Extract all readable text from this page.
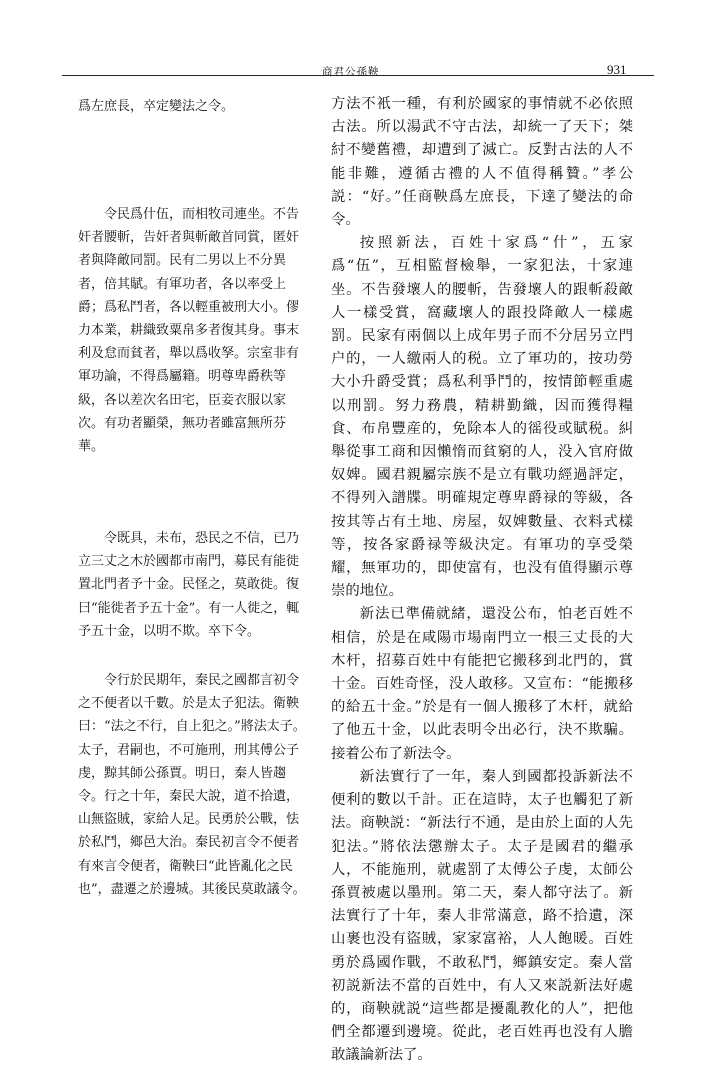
商君公孫鞅	931

爲左庶長，卒定變法之令。

令民爲什伍，而相牧司連坐。不告奸者腰斬，告奸者與斬敵首同賞，匿奸者與降敵同罰。民有二男以上不分異者，倍其賦。有軍功者，各以率受上爵；爲私鬥者，各以輕重被刑大小。僇力本業，耕織致粟帛多者復其身。事末利及怠而貧者，舉以爲收孥。宗室非有軍功論，不得爲屬籍。明尊卑爵秩等級，各以差次名田宅，臣妾衣服以家次。有功者顯榮，無功者雖富無所芬華。

令既具，未布，恐民之不信，已乃立三丈之木於國都市南門，募民有能徙置北門者予十金。民怪之，莫敢徙。復曰“能徙者予五十金”。有一人徙之，輒予五十金，以明不欺。卒下令。

令行於民期年，秦民之國都言初令之不便者以千數。於是太子犯法。衛鞅曰：“法之不行，自上犯之。”將法太子。太子，君嗣也，不可施刑，刑其傅公子虔，黥其師公孫賈。明日，秦人皆趨令。行之十年，秦民大說，道不拾遺，山無盜賊，家給人足。民勇於公戰，怯於私鬥，鄉邑大治。秦民初言令不便者有來言令便者，衛鞅曰“此皆亂化之民也”，盡遷之於邊城。其後民莫敢議令。

方法不衹一種，有利於國家的事情就不必依照古法。所以湯武不守古法，却統一了天下；桀紂不變舊禮，却遭到了滅亡。反對古法的人不能非難，遵循古禮的人不值得稱贊。”孝公説：“好。”任商鞅爲左庶長，下達了變法的命令。

按照新法，百姓十家爲“什”，五家爲“伍”，互相監督檢舉，一家犯法，十家連坐。不告發壞人的腰斬，告發壞人的跟斬殺敵人一樣受賞，窩藏壞人的跟投降敵人一樣處罰。民家有兩個以上成年男子而不分居另立門户的，一人繳兩人的税。立了軍功的，按功勞大小升爵受賞；爲私利爭鬥的，按情節輕重處以刑罰。努力務農，精耕勤織，因而獲得糧食、布帛豐産的，免除本人的徭役或賦税。糾舉從事工商和因懶惰而貧窮的人，没入官府做奴婢。國君親屬宗族不是立有戰功經過評定，不得列入譜牒。明確規定尊卑爵禄的等級，各按其等占有土地、房屋，奴婢數量、衣料式樣等，按各家爵禄等級決定。有軍功的享受榮耀，無軍功的，即使富有，也没有值得顯示尊崇的地位。

新法已準備就緒，還没公布，怕老百姓不相信，於是在咸陽市場南門立一根三丈長的大木杆，招募百姓中有能把它搬移到北門的，賞十金。百姓奇怪，没人敢移。又宣布：“能搬移的給五十金。”於是有一個人搬移了木杆，就給了他五十金，以此表明令出必行，決不欺騙。接着公布了新法令。

新法實行了一年，秦人到國都投訴新法不便利的數以千計。正在這時，太子也觸犯了新法。商鞅説：“新法行不通，是由於上面的人先犯法。”將依法懲辦太子。太子是國君的繼承人，不能施刑，就處罰了太傅公子虔，太師公孫賈被處以墨刑。第二天，秦人都守法了。新法實行了十年，秦人非常滿意，路不拾遺，深山裹也没有盜賊，家家富裕，人人飽暖。百姓勇於爲國作戰，不敢私鬥，鄉鎮安定。秦人當初説新法不當的百姓中，有人又來説新法好處的，商鞅就説“這些都是擾亂教化的人”，把他們全都遷到邊境。從此，老百姓再也没有人膽敢議論新法了。
